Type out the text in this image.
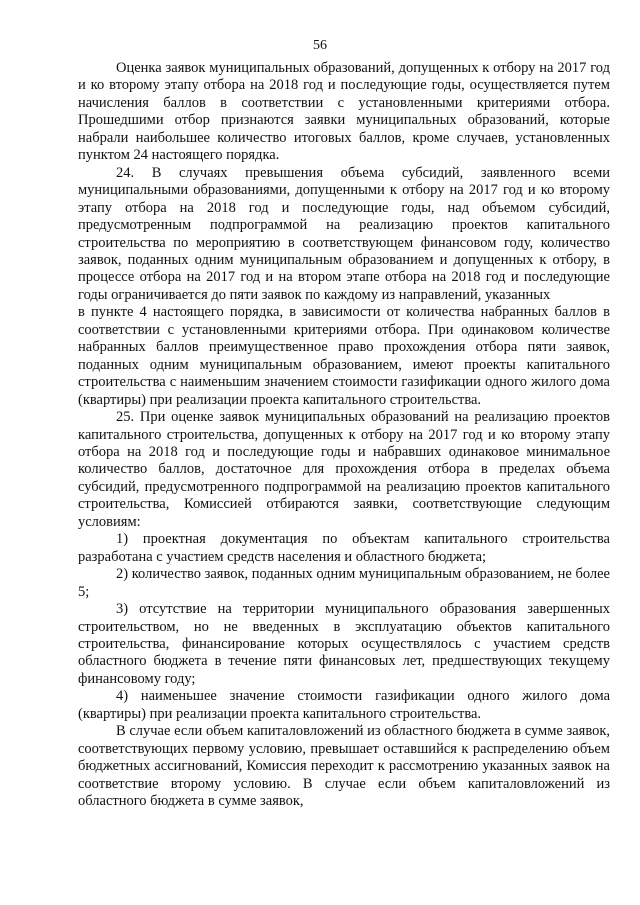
56

Оценка заявок муниципальных образований, допущенных к отбору на 2017 год и ко второму этапу отбора на 2018 год и последующие годы, осуществляется путем начисления баллов в соответствии с установленными критериями отбора. Прошедшими отбор признаются заявки муниципальных образований, которые набрали наибольшее количество итоговых баллов, кроме случаев, установленных пунктом 24 настоящего порядка.

24. В случаях превышения объема субсидий, заявленного всеми муниципальными образованиями, допущенными к отбору на 2017 год и ко второму этапу отбора на 2018 год и последующие годы, над объемом субсидий, предусмотренным подпрограммой на реализацию проектов капитального строительства по мероприятию в соответствующем финансовом году, количество заявок, поданных одним муниципальным образованием и допущенных к отбору, в процессе отбора на 2017 год и на втором этапе отбора на 2018 год и последующие годы ограничивается до пяти заявок по каждому из направлений, указанных

в пункте 4 настоящего порядка, в зависимости от количества набранных баллов в соответствии с установленными критериями отбора. При одинаковом количестве набранных баллов преимущественное право прохождения отбора пяти заявок, поданных одним муниципальным образованием, имеют проекты капитального строительства с наименьшим значением стоимости газификации одного жилого дома (квартиры) при реализации проекта капитального строительства.

25. При оценке заявок муниципальных образований на реализацию проектов капитального строительства, допущенных к отбору на 2017 год и ко второму этапу отбора на 2018 год и последующие годы и набравших одинаковое минимальное количество баллов, достаточное для прохождения отбора в пределах объема субсидий, предусмотренного подпрограммой на реализацию проектов капитального строительства, Комиссией отбираются заявки, соответствующие следующим условиям:

1) проектная документация по объектам капитального строительства разработана с участием средств населения и областного бюджета;

2) количество заявок, поданных одним муниципальным образованием, не более 5;

3) отсутствие на территории муниципального образования завершенных строительством, но не введенных в эксплуатацию объектов капитального строительства, финансирование которых осуществлялось с участием средств областного бюджета в течение пяти финансовых лет, предшествующих текущему финансовому году;

4) наименьшее значение стоимости газификации одного жилого дома (квартиры) при реализации проекта капитального строительства.

В случае если объем капиталовложений из областного бюджета в сумме заявок, соответствующих первому условию, превышает оставшийся к распределению объем бюджетных ассигнований, Комиссия переходит к рассмотрению указанных заявок на соответствие второму условию. В случае если объем капиталовложений из областного бюджета в сумме заявок,
